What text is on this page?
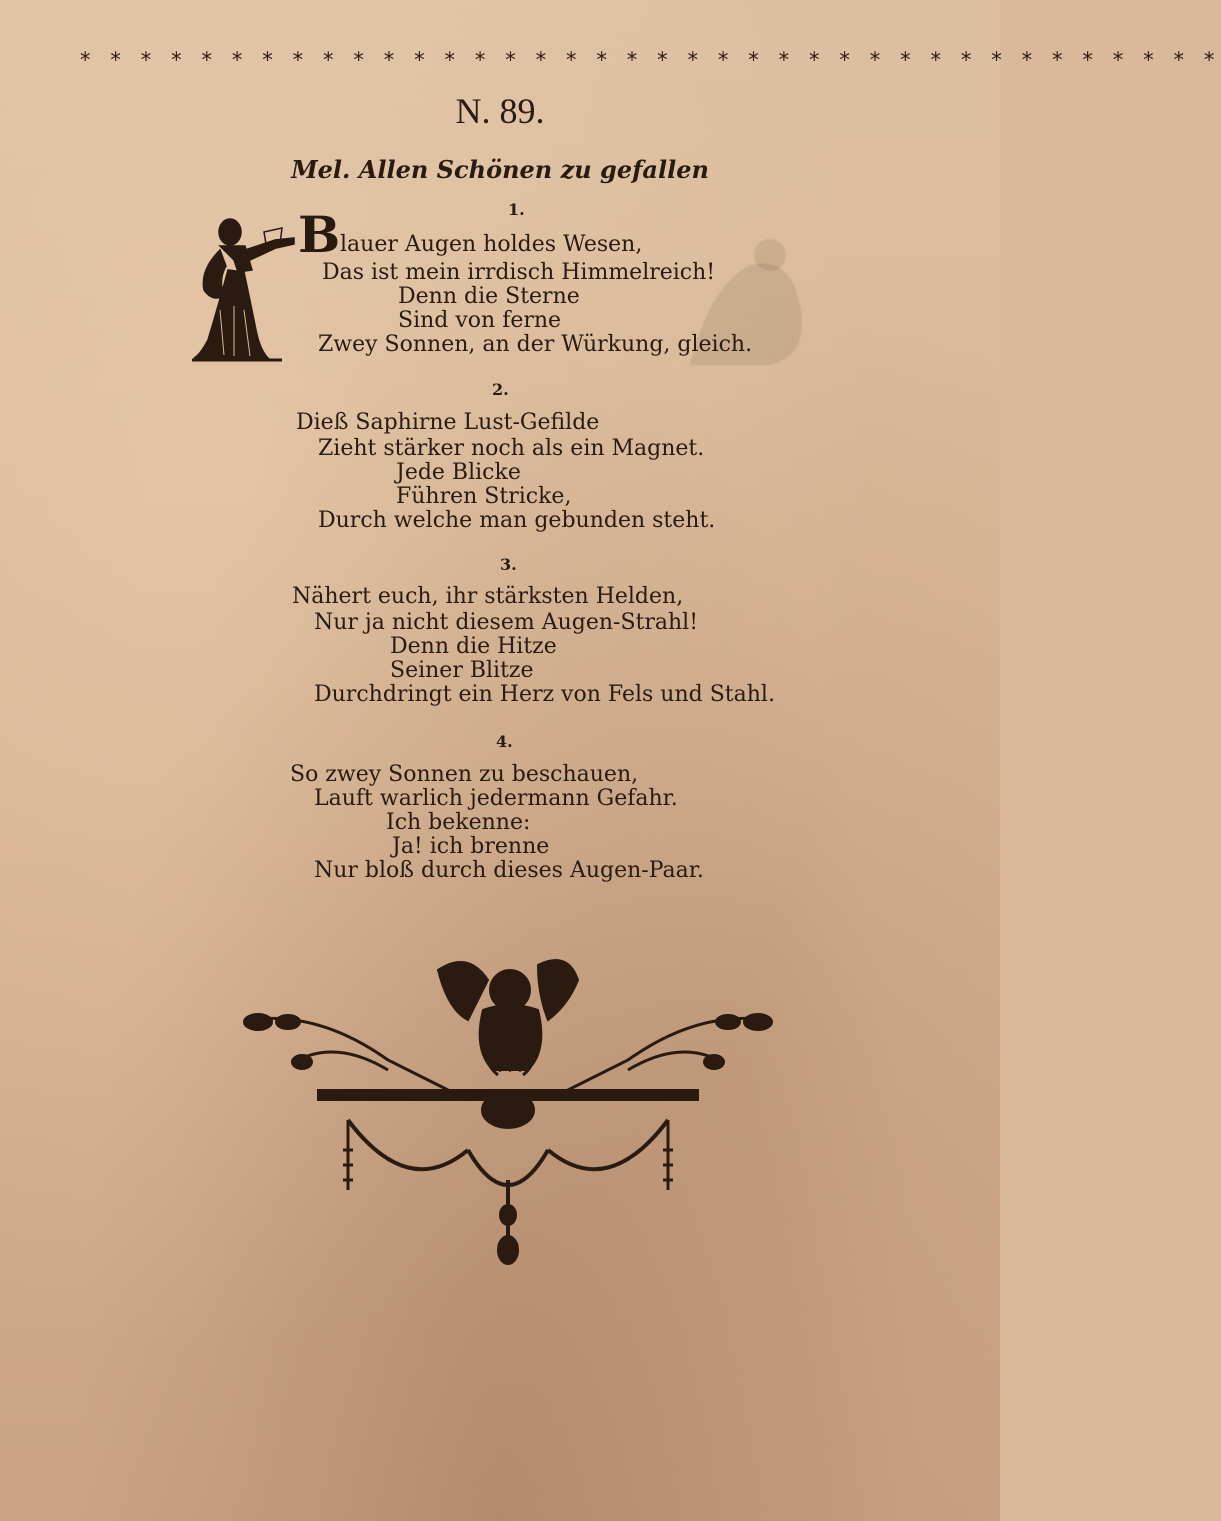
* * * * * * * * * * * * * * * * * * * * * * * * * * * * * * * * * * * * * *
N. 89.
Mel. Allen Schönen zu gefallen
1.
B lauer Augen holdes Wesen,
Das ist mein irrdisch Himmelreich!
Denn die Sterne
Sind von ferne
Zwey Sonnen, an der Würkung, gleich.
2.
Dieß Saphirne Lust-Gefilde
Zieht stärker noch als ein Magnet.
Jede Blicke
Führen Stricke,
Durch welche man gebunden steht.
3.
Nähert euch, ihr stärksten Helden,
Nur ja nicht diesem Augen-Strahl!
Denn die Hitze
Seiner Blitze
Durchdringt ein Herz von Fels und Stahl.
4.
So zwey Sonnen zu beschauen,
Lauft warlich jedermann Gefahr.
Ich bekenne:
Ja! ich brenne
Nur bloß durch dieses Augen-Paar.
